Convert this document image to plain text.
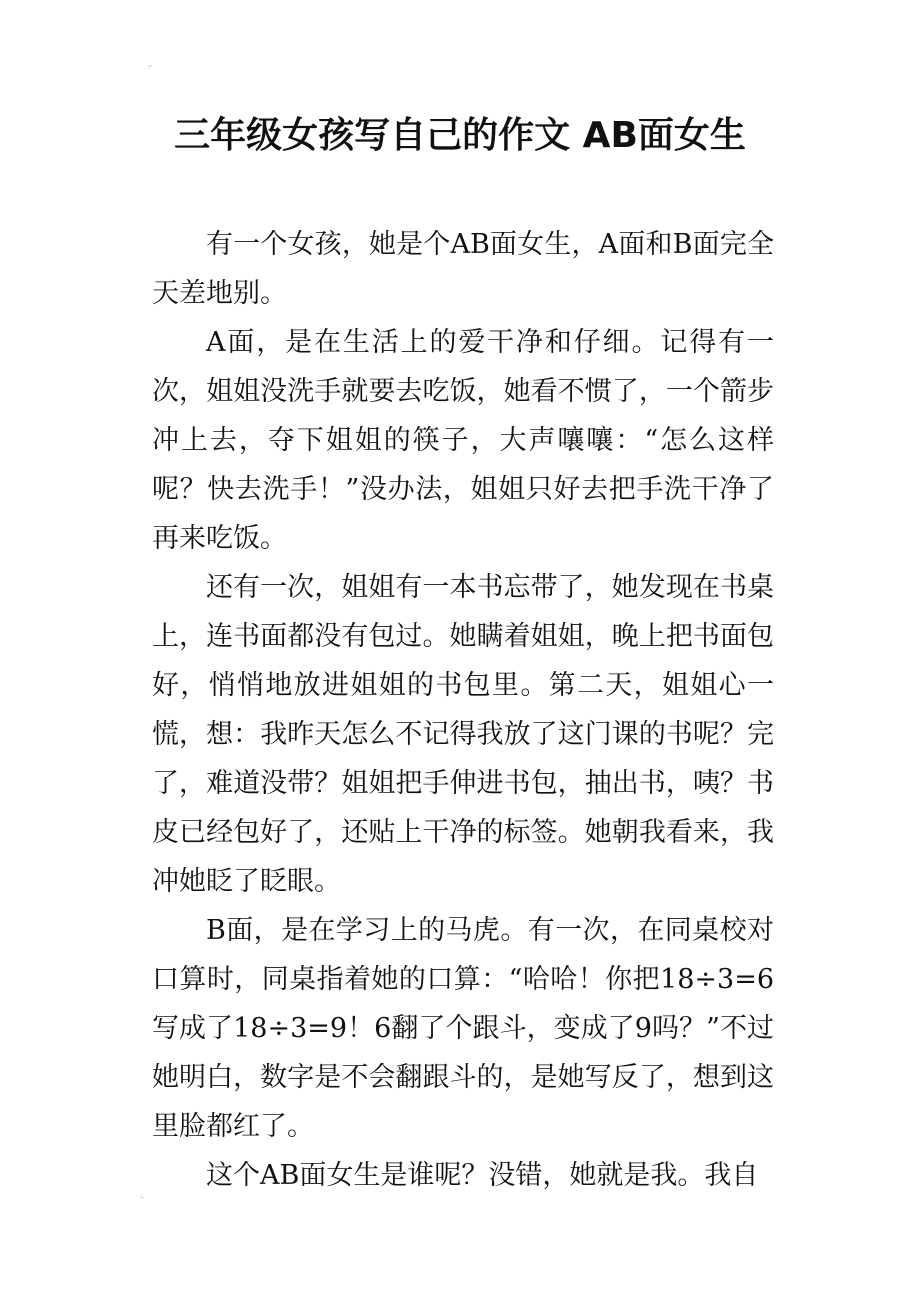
⌜
三年级女孩写自己的作文 AB面女生

有一个女孩，她是个AB面女生，A面和B面完全天差地别。

A面，是在生活上的爱干净和仔细。记得有一次，姐姐没洗手就要去吃饭，她看不惯了，一个箭步冲上去，夺下姐姐的筷子，大声嚷嚷：“怎么这样呢？快去洗手！”没办法，姐姐只好去把手洗干净了再来吃饭。

还有一次，姐姐有一本书忘带了，她发现在书桌上，连书面都没有包过。她瞒着姐姐，晚上把书面包好，悄悄地放进姐姐的书包里。第二天，姐姐心一慌，想：我昨天怎么不记得我放了这门课的书呢？完了，难道没带？姐姐把手伸进书包，抽出书，咦？书皮已经包好了，还贴上干净的标签。她朝我看来，我冲她眨了眨眼。

B面，是在学习上的马虎。有一次，在同桌校对口算时，同桌指着她的口算：“哈哈！你把18÷3=6写成了18÷3=9！6翻了个跟斗，变成了9吗？”不过她明白，数字是不会翻跟斗的，是她写反了，想到这里脸都红了。

这个AB面女生是谁呢？没错，她就是我。我自

⌞
